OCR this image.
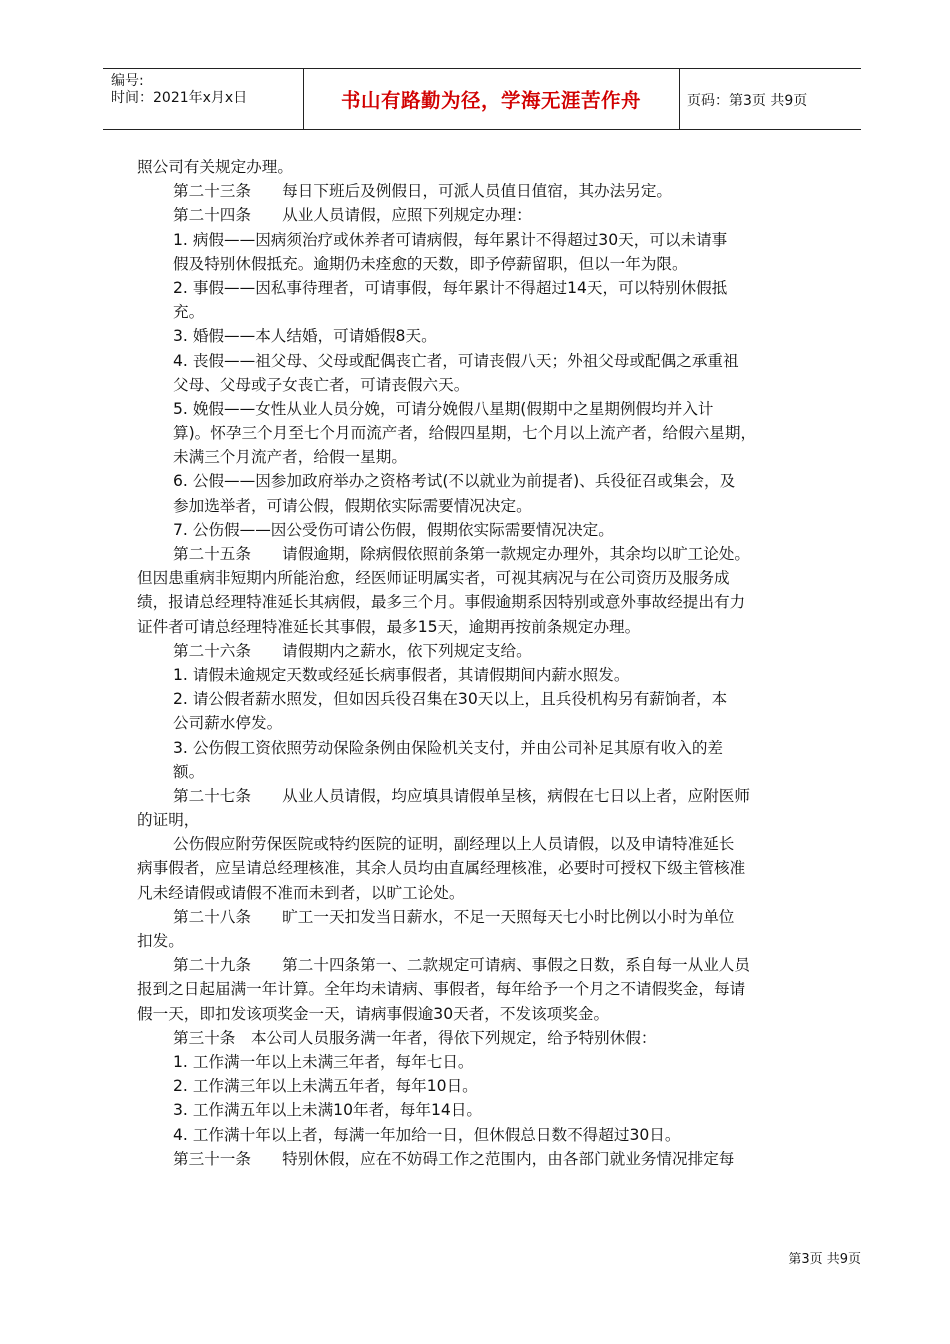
编号:
时间：2021年x月x日	书山有路勤为径，学海无涯苦作舟	页码：第3页 共9页
照公司有关规定办理。
第二十三条　　每日下班后及例假日，可派人员值日值宿，其办法另定。
第二十四条　　从业人员请假，应照下列规定办理：
1. 病假——因病须治疗或休养者可请病假，每年累计不得超过30天，可以未请事
假及特别休假抵充。逾期仍未痊愈的天数，即予停薪留职，但以一年为限。
2. 事假——因私事待理者，可请事假，每年累计不得超过14天，可以特别休假抵
充。
3. 婚假——本人结婚，可请婚假8天。
4. 丧假——祖父母、父母或配偶丧亡者，可请丧假八天；外祖父母或配偶之承重祖
父母、父母或子女丧亡者，可请丧假六天。
5. 娩假——女性从业人员分娩，可请分娩假八星期(假期中之星期例假均并入计
算)。怀孕三个月至七个月而流产者，给假四星期，七个月以上流产者，给假六星期，
未满三个月流产者，给假一星期。
6. 公假——因参加政府举办之资格考试(不以就业为前提者)、兵役征召或集会，及
参加选举者，可请公假，假期依实际需要情况决定。
7. 公伤假——因公受伤可请公伤假，假期依实际需要情况决定。
第二十五条　　请假逾期，除病假依照前条第一款规定办理外，其余均以旷工论处。
但因患重病非短期内所能治愈，经医师证明属实者，可视其病况与在公司资历及服务成
绩，报请总经理特准延长其病假，最多三个月。事假逾期系因特别或意外事故经提出有力
证件者可请总经理特准延长其事假，最多15天，逾期再按前条规定办理。
第二十六条　　请假期内之薪水，依下列规定支给。
1. 请假未逾规定天数或经延长病事假者，其请假期间内薪水照发。
2. 请公假者薪水照发，但如因兵役召集在30天以上，且兵役机构另有薪饷者，本
公司薪水停发。
3. 公伤假工资依照劳动保险条例由保险机关支付，并由公司补足其原有收入的差
额。
第二十七条　　从业人员请假，均应填具请假单呈核，病假在七日以上者，应附医师
的证明，
公伤假应附劳保医院或特约医院的证明，副经理以上人员请假，以及申请特准延长
病事假者，应呈请总经理核准，其余人员均由直属经理核准，必要时可授权下级主管核准
凡未经请假或请假不准而未到者，以旷工论处。
第二十八条　　旷工一天扣发当日薪水，不足一天照每天七小时比例以小时为单位
扣发。
第二十九条　　第二十四条第一、二款规定可请病、事假之日数，系自每一从业人员
报到之日起届满一年计算。全年均未请病、事假者，每年给予一个月之不请假奖金，每请
假一天，即扣发该项奖金一天，请病事假逾30天者，不发该项奖金。
第三十条　本公司人员服务满一年者，得依下列规定，给予特别休假：
1. 工作满一年以上未满三年者，每年七日。
2. 工作满三年以上未满五年者，每年10日。
3. 工作满五年以上未满10年者，每年14日。
4. 工作满十年以上者，每满一年加给一日，但休假总日数不得超过30日。
第三十一条　　特别休假，应在不妨碍工作之范围内，由各部门就业务情况排定每
第3页 共9页
